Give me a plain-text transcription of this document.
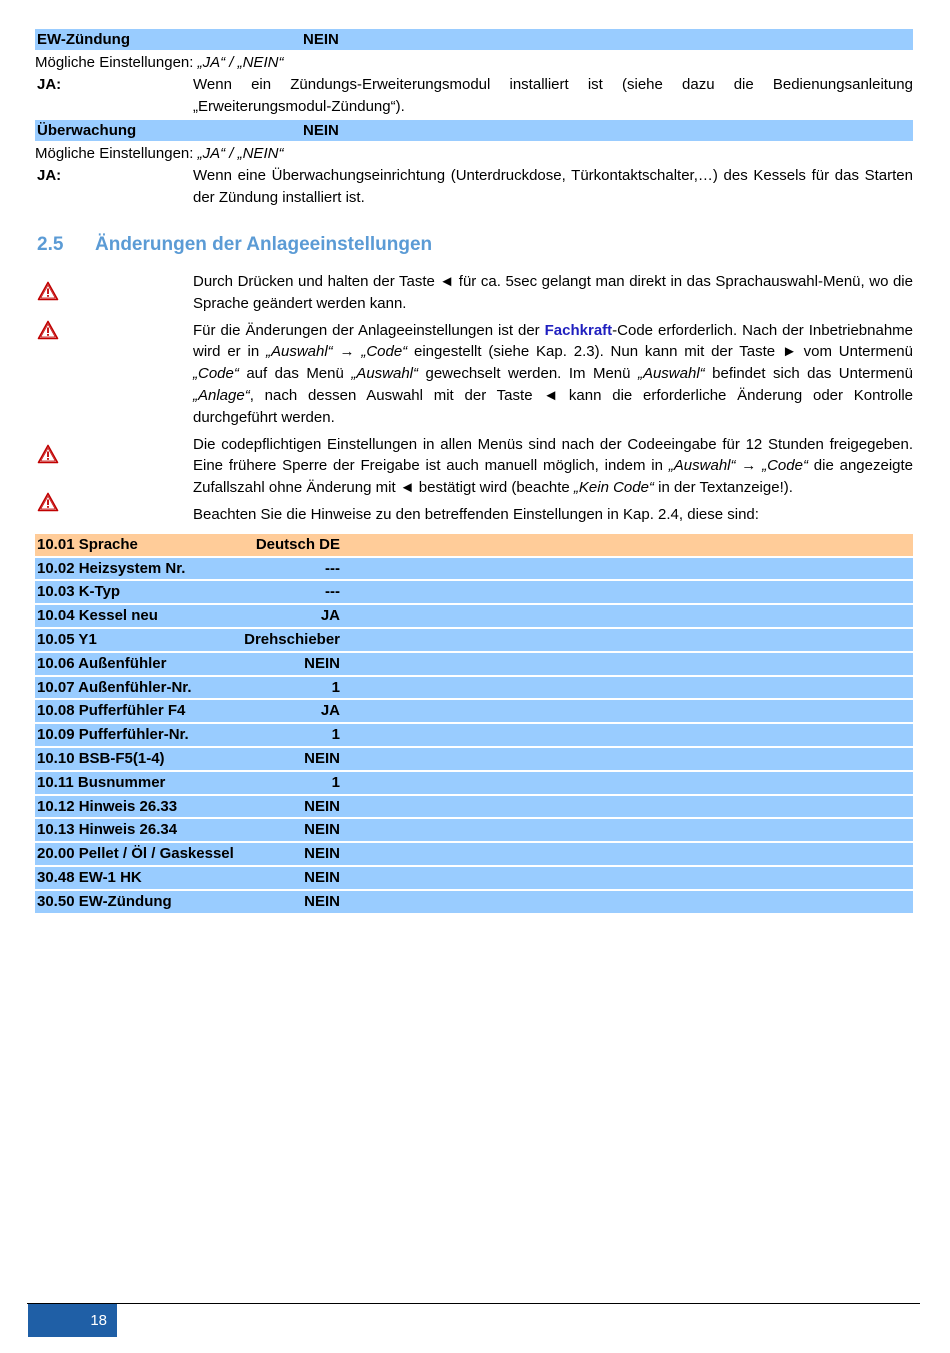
EW-Zündung	NEIN
Mögliche Einstellungen: „JA“ / „NEIN“
JA:	Wenn ein Zündungs-Erweiterungsmodul installiert ist (siehe dazu die Bedienungsanleitung „Erweiterungsmodul-Zündung“).
Überwachung	NEIN
Mögliche Einstellungen: „JA“ / „NEIN“
JA:	Wenn eine Überwachungseinrichtung (Unterdruckdose, Türkontaktschalter,…) des Kessels für das Starten der Zündung installiert ist.
2.5 Änderungen der Anlageeinstellungen
Durch Drücken und halten der Taste ◄ für ca. 5sec gelangt man direkt in das Sprachauswahl-Menü, wo die Sprache geändert werden kann.
Für die Änderungen der Anlageeinstellungen ist der Fachkraft-Code erforderlich. Nach der Inbetriebnahme wird er in „Auswahl“ → „Code“ eingestellt (siehe Kap. 2.3). Nun kann mit der Taste ► vom Untermenü „Code“ auf das Menü „Auswahl“ gewechselt werden. Im Menü „Auswahl“ befindet sich das Untermenü „Anlage“, nach dessen Auswahl mit der Taste ◄ kann die erforderliche Änderung oder Kontrolle durchgeführt werden.
Die codepflichtigen Einstellungen in allen Menüs sind nach der Codeeingabe für 12 Stunden freigegeben. Eine frühere Sperre der Freigabe ist auch manuell möglich, indem in „Auswahl“ → „Code“ die angezeigte Zufallszahl ohne Änderung mit ◄ bestätigt wird (beachte „Kein Code“ in der Textanzeige!).
Beachten Sie die Hinweise zu den betreffenden Einstellungen in Kap. 2.4, diese sind:
10.01 Sprache	Deutsch DE
10.02 Heizsystem Nr.	---
10.03 K-Typ	---
10.04 Kessel neu	JA
10.05 Y1	Drehschieber
10.06 Außenfühler	NEIN
10.07 Außenfühler-Nr.	1
10.08 Pufferfühler F4	JA
10.09 Pufferfühler-Nr.	1
10.10 BSB-F5(1-4)	NEIN
10.11 Busnummer	1
10.12 Hinweis 26.33	NEIN
10.13 Hinweis 26.34	NEIN
20.00 Pellet / Öl / Gaskessel	NEIN
30.48 EW-1 HK	NEIN
30.50 EW-Zündung	NEIN
18
